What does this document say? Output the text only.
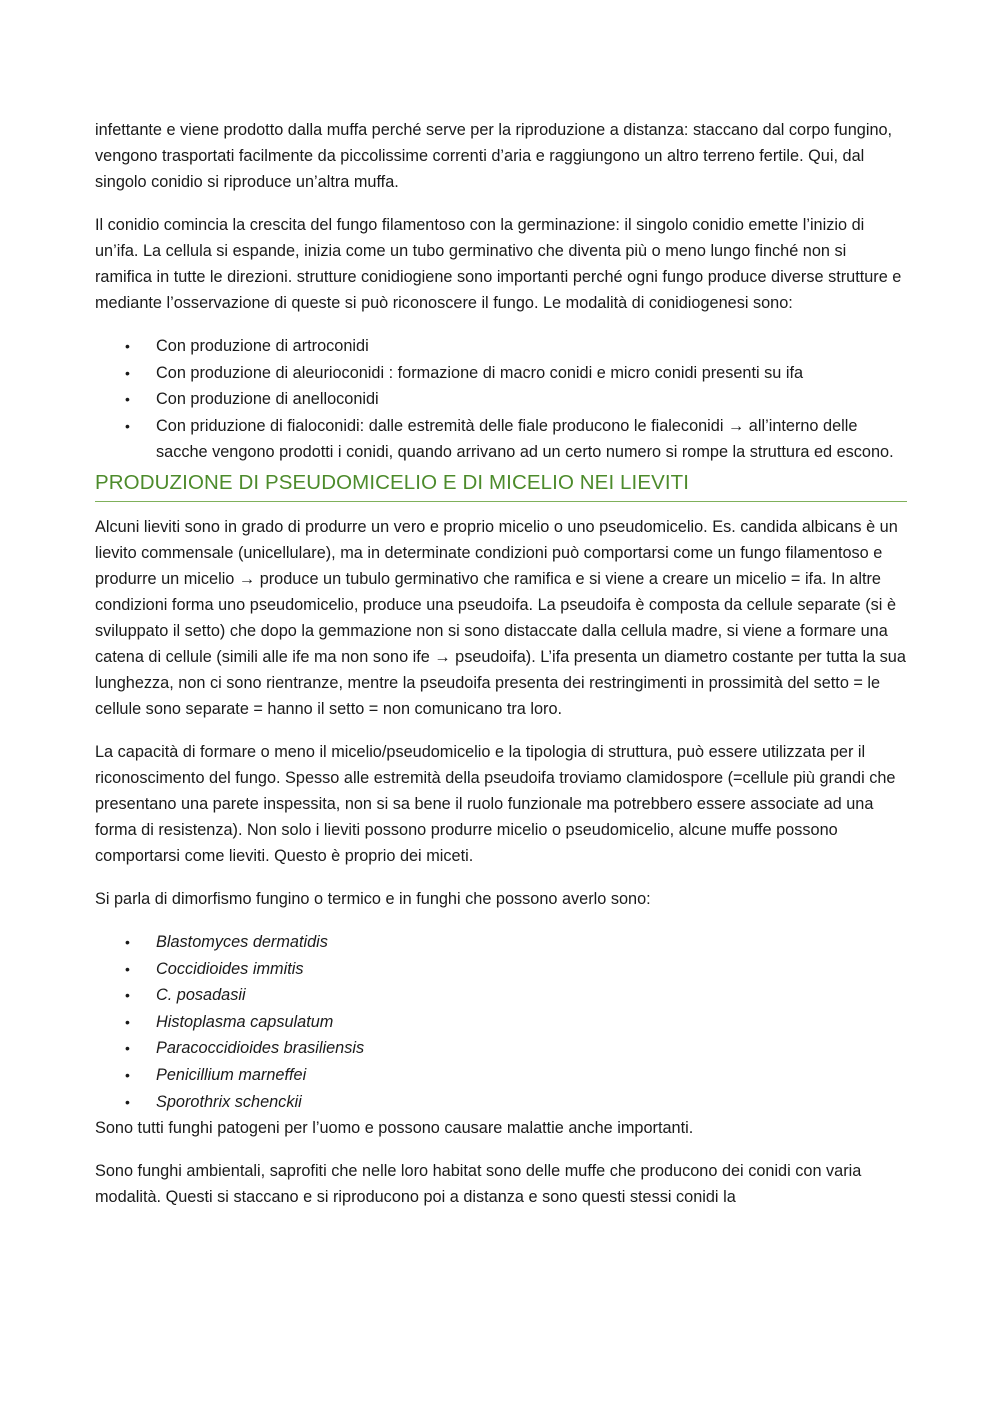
infettante e viene prodotto dalla muffa perché serve per la riproduzione a distanza: staccano dal corpo fungino, vengono trasportati facilmente da piccolissime correnti d’aria e raggiungono un altro terreno fertile. Qui, dal singolo conidio si riproduce un’altra muffa.

Il conidio comincia la crescita del fungo filamentoso con la germinazione: il singolo conidio emette l’inizio di un’ifa. La cellula si espande, inizia come un tubo germinativo che diventa più o meno lungo finché non si ramifica in tutte le direzioni. strutture conidiogiene sono importanti perché ogni fungo produce diverse strutture e mediante l’osservazione di queste si può riconoscere il fungo. Le modalità di conidiogenesi sono:

• Con produzione di artroconidi
• Con produzione di aleurioconidi : formazione di macro conidi e micro conidi presenti su ifa
• Con produzione di anelloconidi
• Con priduzione di fialoconidi: dalle estremità delle fiale producono le fialeconidi → all’interno delle sacche vengono prodotti i conidi, quando arrivano ad un certo numero si rompe la struttura ed escono.
PRODUZIONE DI PSEUDOMICELIO E DI MICELIO NEI LIEVITI

Alcuni lieviti sono in grado di produrre un vero e proprio micelio o uno pseudomicelio. Es. candida albicans è un lievito commensale (unicellulare), ma in determinate condizioni può comportarsi come un fungo filamentoso e produrre un micelio → produce un tubulo germinativo che ramifica e si viene a creare un micelio = ifa. In altre condizioni forma uno pseudomicelio, produce una pseudoifa. La pseudoifa è composta da cellule separate (si è sviluppato il setto) che dopo la gemmazione non si sono distaccate dalla cellula madre, si viene a formare una catena di cellule (simili alle ife ma non sono ife → pseudoifa). L’ifa presenta un diametro costante per tutta la sua lunghezza, non ci sono rientranze, mentre la pseudoifa presenta dei restringimenti in prossimità del setto = le cellule sono separate = hanno il setto = non comunicano tra loro.

La capacità di formare o meno il micelio/pseudomicelio e la tipologia di struttura, può essere utilizzata per il riconoscimento del fungo. Spesso alle estremità della pseudoifa troviamo clamidospore (=cellule più grandi che presentano una parete inspessita, non si sa bene il ruolo funzionale ma potrebbero essere associate ad una forma di resistenza). Non solo i lieviti possono produrre micelio o pseudomicelio, alcune muffe possono comportarsi come lieviti. Questo è proprio dei miceti.

Si parla di dimorfismo fungino o termico e in funghi che possono averlo sono:

• Blastomyces dermatidis
• Coccidioides immitis
• C. posadasii
• Histoplasma capsulatum
• Paracoccidioides brasiliensis
• Penicillium marneffei
• Sporothrix schenckii

Sono tutti funghi patogeni per l’uomo e possono causare malattie anche importanti.

Sono funghi ambientali, saprofiti che nelle loro habitat sono delle muffe che producono dei conidi con varia modalità. Questi si staccano e si riproducono poi a distanza e sono questi stessi conidi la
